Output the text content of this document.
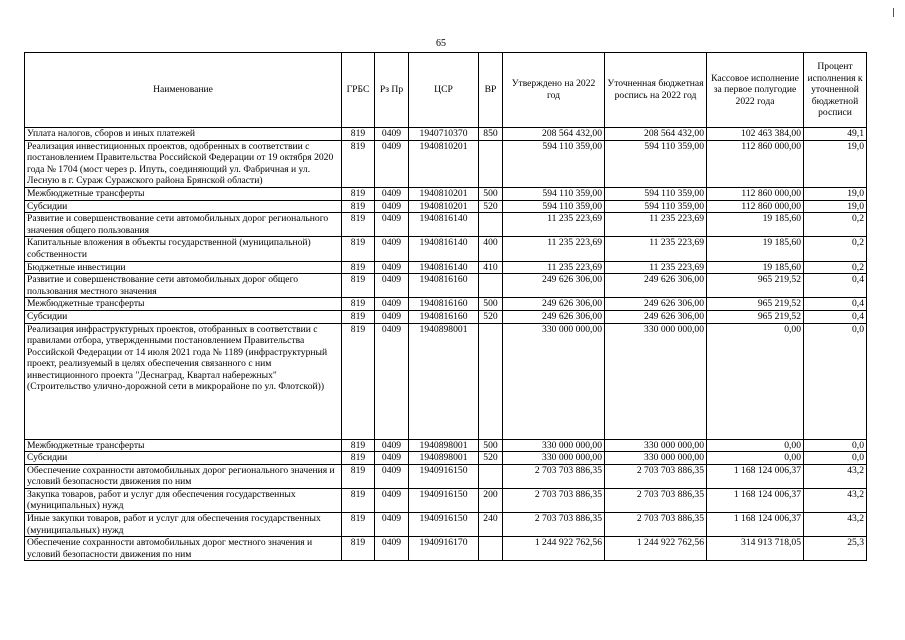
65
Наименование	ГРБС	Рз Пр	ЦСР	ВР	Утверждено на 2022 год	Уточненная бюджетная роспись на 2022 год	Кассовое исполнение за первое полугодие 2022 года	Процент исполнения к уточненной бюджетной росписи
Уплата налогов, сборов и иных платежей	819	0409	1940710370	850	208 564 432,00	208 564 432,00	102 463 384,00	49,1
Реализация инвестиционных проектов, одобренных в соответствии с постановлением Правительства Российской Федерации от 19 октября 2020 года № 1704 (мост через р. Ипуть, соединяющий ул. Фабричная и ул. Лесную в г. Сураж Суражского района Брянской области)	819	0409	1940810201		594 110 359,00	594 110 359,00	112 860 000,00	19,0
Межбюджетные трансферты	819	0409	1940810201	500	594 110 359,00	594 110 359,00	112 860 000,00	19,0
Субсидии	819	0409	1940810201	520	594 110 359,00	594 110 359,00	112 860 000,00	19,0
Развитие и совершенствование сети автомобильных дорог регионального значения общего пользования	819	0409	1940816140		11 235 223,69	11 235 223,69	19 185,60	0,2
Капитальные вложения в объекты государственной (муниципальной) собственности	819	0409	1940816140	400	11 235 223,69	11 235 223,69	19 185,60	0,2
Бюджетные инвестиции	819	0409	1940816140	410	11 235 223,69	11 235 223,69	19 185,60	0,2
Развитие и совершенствование сети автомобильных дорог общего пользования местного значения	819	0409	1940816160		249 626 306,00	249 626 306,00	965 219,52	0,4
Межбюджетные трансферты	819	0409	1940816160	500	249 626 306,00	249 626 306,00	965 219,52	0,4
Субсидии	819	0409	1940816160	520	249 626 306,00	249 626 306,00	965 219,52	0,4
Реализация инфраструктурных проектов, отобранных в соответствии с правилами отбора, утвержденными постановлением Правительства Российской Федерации от 14 июля 2021 года № 1189 (инфраструктурный проект, реализуемый в целях обеспечения связанного с ним инвестиционного проекта "Деснаград, Квартал набережных" (Строительство улично-дорожной сети в микрорайоне по ул. Флотской))	819	0409	1940898001		330 000 000,00	330 000 000,00	0,00	0,0
Межбюджетные трансферты	819	0409	1940898001	500	330 000 000,00	330 000 000,00	0,00	0,0
Субсидии	819	0409	1940898001	520	330 000 000,00	330 000 000,00	0,00	0,0
Обеспечение сохранности автомобильных дорог регионального значения и условий безопасности движения по ним	819	0409	1940916150		2 703 703 886,35	2 703 703 886,35	1 168 124 006,37	43,2
Закупка товаров, работ и услуг для обеспечения государственных (муниципальных) нужд	819	0409	1940916150	200	2 703 703 886,35	2 703 703 886,35	1 168 124 006,37	43,2
Иные закупки товаров, работ и услуг для обеспечения государственных (муниципальных) нужд	819	0409	1940916150	240	2 703 703 886,35	2 703 703 886,35	1 168 124 006,37	43,2
Обеспечение сохранности автомобильных дорог местного значения и условий безопасности движения по ним	819	0409	1940916170		1 244 922 762,56	1 244 922 762,56	314 913 718,05	25,3
